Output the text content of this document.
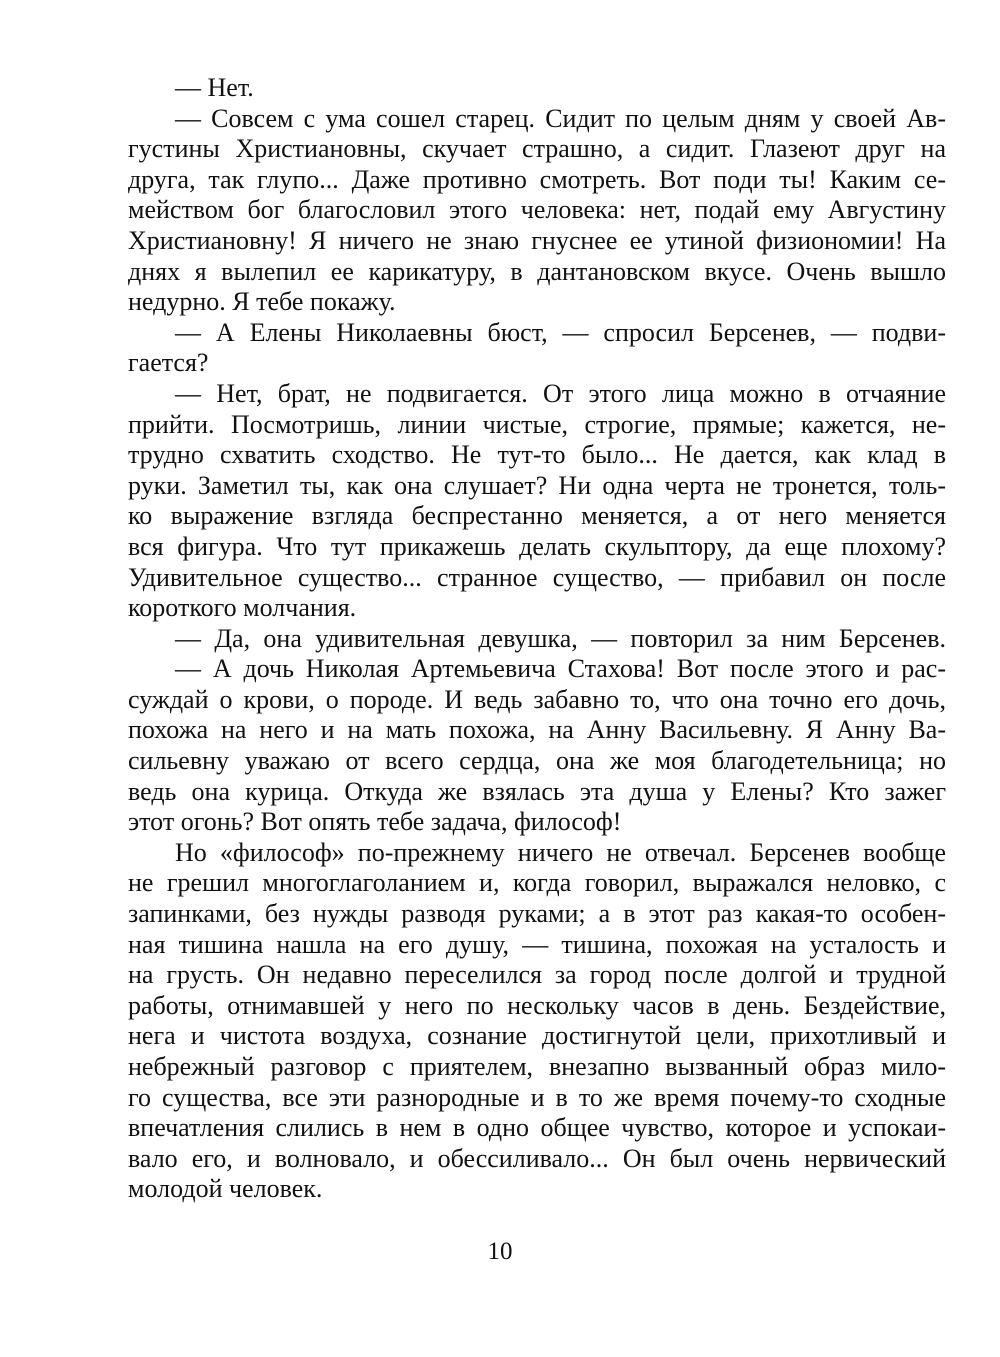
— Нет.
— Совсем с ума сошел старец. Сидит по целым дням у своей Ав-
густины Христиановны, скучает страшно, а сидит. Глазеют друг на
друга, так глупо... Даже противно смотреть. Вот поди ты! Каким се-
мейством бог благословил этого человека: нет, подай ему Августину
Христиановну! Я ничего не знаю гнуснее ее утиной физиономии! На
днях я вылепил ее карикатуру, в дантановском вкусе. Очень вышло
недурно. Я тебе покажу.
— А Елены Николаевны бюст, — спросил Берсенев, — подви-
гается?
— Нет, брат, не подвигается. От этого лица можно в отчаяние
прийти. Посмотришь, линии чистые, строгие, прямые; кажется, не-
трудно схватить сходство. Не тут-то было... Не дается, как клад в
руки. Заметил ты, как она слушает? Ни одна черта не тронется, толь-
ко выражение взгляда беспрестанно меняется, а от него меняется
вся фигура. Что тут прикажешь делать скульптору, да еще плохому?
Удивительное существо... странное существо, — прибавил он после
короткого молчания.
— Да, она удивительная девушка, — повторил за ним Берсенев.
— А дочь Николая Артемьевича Стахова! Вот после этого и рас-
суждай о крови, о породе. И ведь забавно то, что она точно его дочь,
похожа на него и на мать похожа, на Анну Васильевну. Я Анну Ва-
сильевну уважаю от всего сердца, она же моя благодетельница; но
ведь она курица. Откуда же взялась эта душа у Елены? Кто зажег
этот огонь? Вот опять тебе задача, философ!
Но «философ» по-прежнему ничего не отвечал. Берсенев вообще
не грешил многоглаголанием и, когда говорил, выражался неловко, с
запинками, без нужды разводя руками; а в этот раз какая-то особен-
ная тишина нашла на его душу, — тишина, похожая на усталость и
на грусть. Он недавно переселился за город после долгой и трудной
работы, отнимавшей у него по нескольку часов в день. Бездействие,
нега и чистота воздуха, сознание достигнутой цели, прихотливый и
небрежный разговор с приятелем, внезапно вызванный образ мило-
го существа, все эти разнородные и в то же время почему-то сходные
впечатления слились в нем в одно общее чувство, которое и успокаи-
вало его, и волновало, и обессиливало... Он был очень нервический
молодой человек.
10
